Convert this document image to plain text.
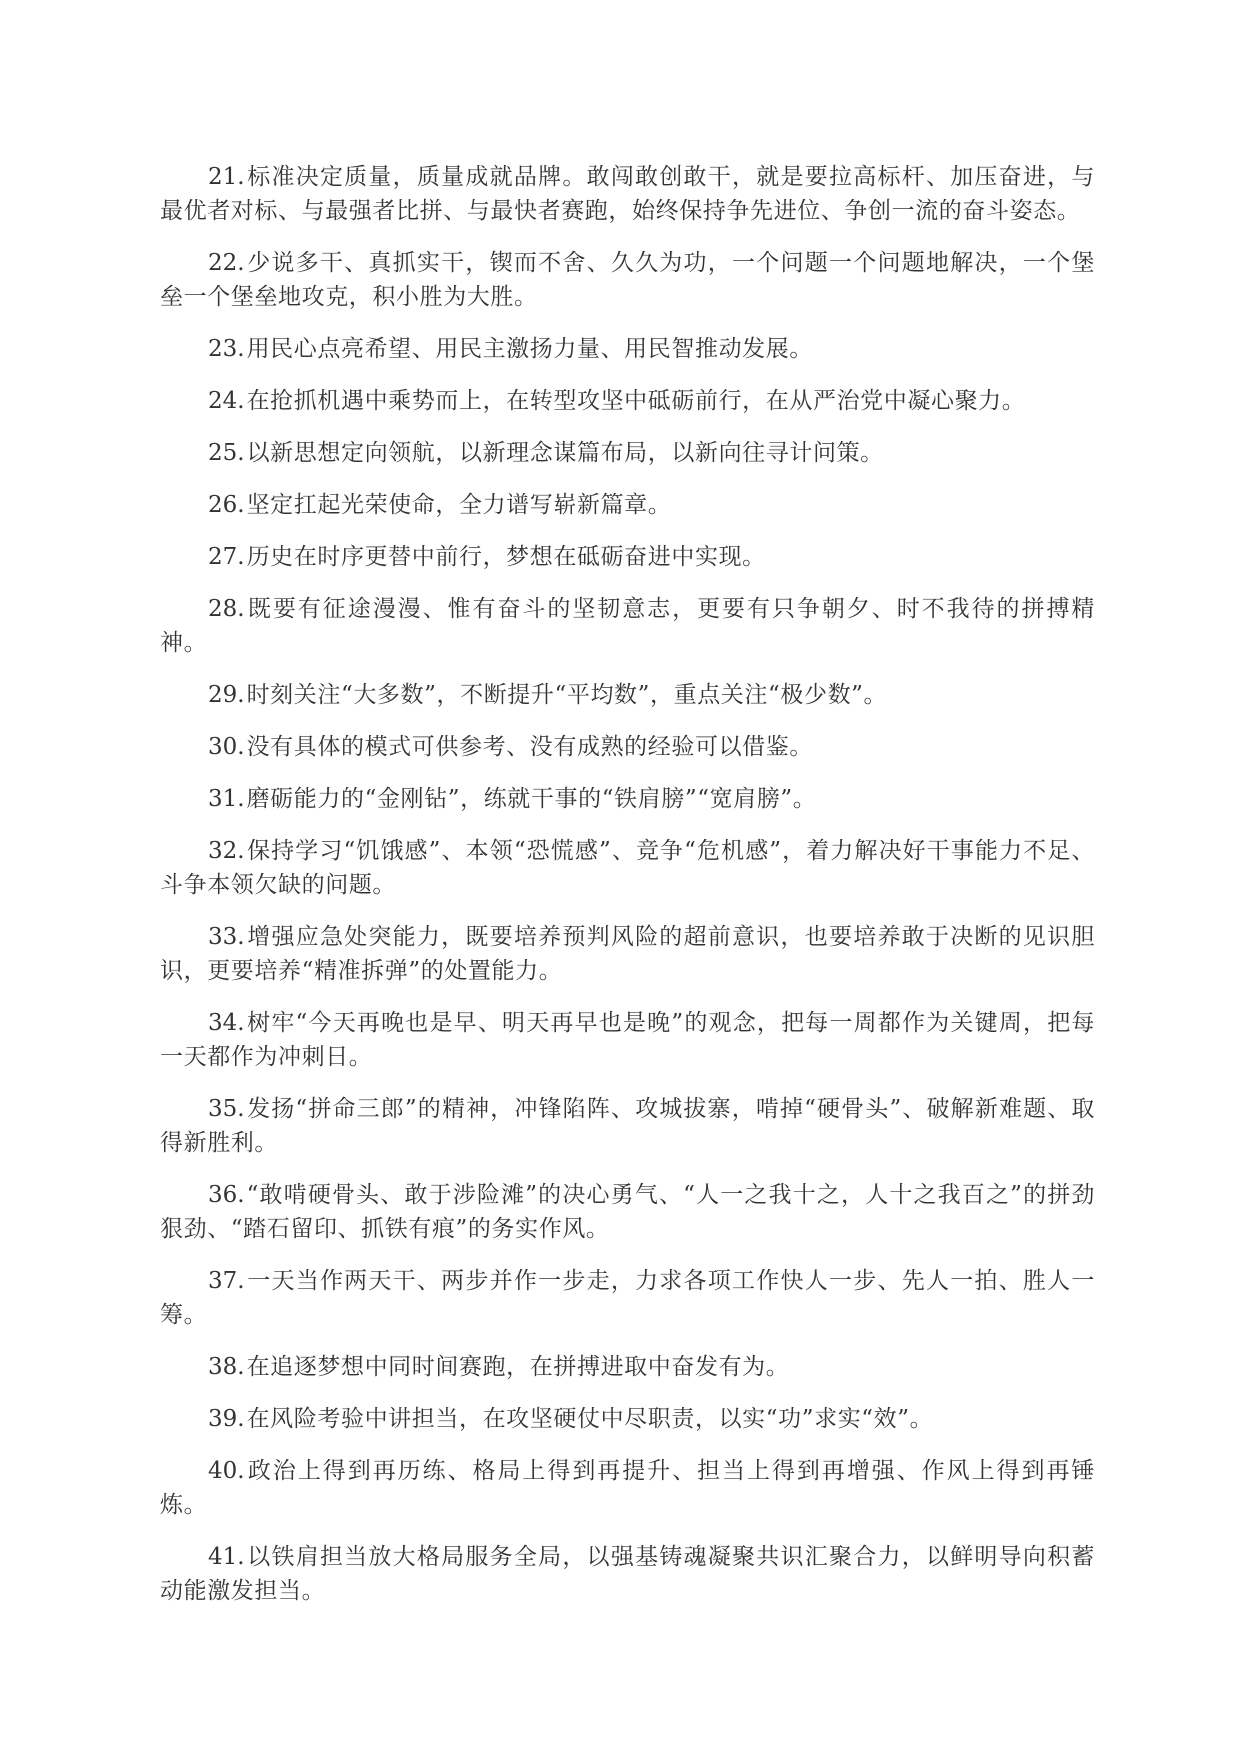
21.标准决定质量，质量成就品牌。敢闯敢创敢干，就是要拉高标杆、加压奋进，与最优者对标、与最强者比拼、与最快者赛跑，始终保持争先进位、争创一流的奋斗姿态。

22.少说多干、真抓实干，锲而不舍、久久为功，一个问题一个问题地解决，一个堡垒一个堡垒地攻克，积小胜为大胜。

23.用民心点亮希望、用民主激扬力量、用民智推动发展。

24.在抢抓机遇中乘势而上，在转型攻坚中砥砺前行，在从严治党中凝心聚力。

25.以新思想定向领航，以新理念谋篇布局，以新向往寻计问策。

26.坚定扛起光荣使命，全力谱写崭新篇章。

27.历史在时序更替中前行，梦想在砥砺奋进中实现。

28.既要有征途漫漫、惟有奋斗的坚韧意志，更要有只争朝夕、时不我待的拼搏精神。

29.时刻关注“大多数”，不断提升“平均数”，重点关注“极少数”。

30.没有具体的模式可供参考、没有成熟的经验可以借鉴。

31.磨砺能力的“金刚钻”，练就干事的“铁肩膀”“宽肩膀”。

32.保持学习“饥饿感”、本领“恐慌感”、竞争“危机感”，着力解决好干事能力不足、斗争本领欠缺的问题。

33.增强应急处突能力，既要培养预判风险的超前意识，也要培养敢于决断的见识胆识，更要培养“精准拆弹”的处置能力。

34.树牢“今天再晚也是早、明天再早也是晚”的观念，把每一周都作为关键周，把每一天都作为冲刺日。

35.发扬“拼命三郎”的精神，冲锋陷阵、攻城拔寨，啃掉“硬骨头”、破解新难题、取得新胜利。

36.“敢啃硬骨头、敢于涉险滩”的决心勇气、“人一之我十之，人十之我百之”的拼劲狠劲、“踏石留印、抓铁有痕”的务实作风。

37.一天当作两天干、两步并作一步走，力求各项工作快人一步、先人一拍、胜人一筹。

38.在追逐梦想中同时间赛跑，在拼搏进取中奋发有为。

39.在风险考验中讲担当，在攻坚硬仗中尽职责，以实“功”求实“效”。

40.政治上得到再历练、格局上得到再提升、担当上得到再增强、作风上得到再锤炼。

41.以铁肩担当放大格局服务全局，以强基铸魂凝聚共识汇聚合力，以鲜明导向积蓄动能激发担当。
